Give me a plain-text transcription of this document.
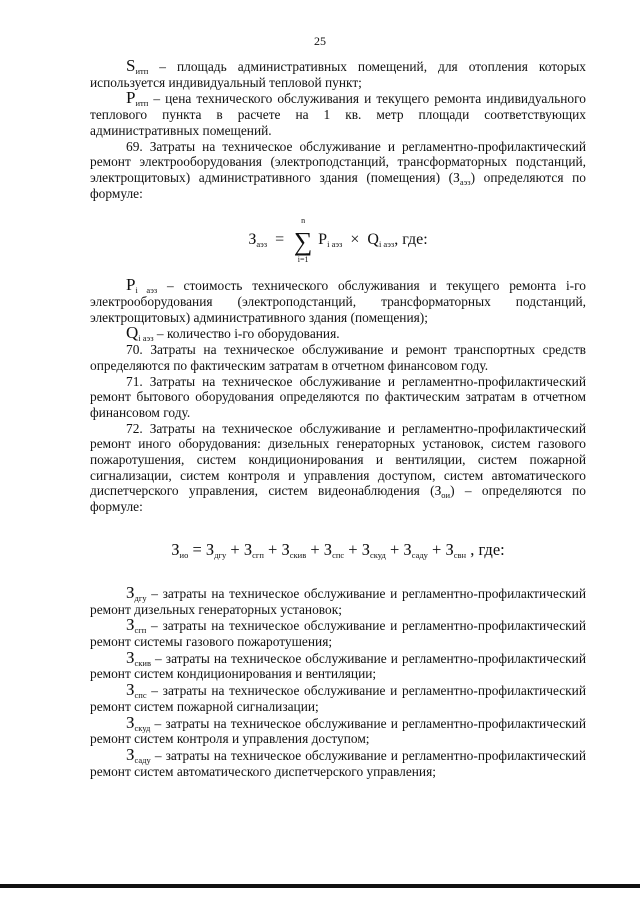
25

$S_{итп}$ – площадь административных помещений, для отопления которых используется индивидуальный тепловой пункт;

$P_{итп}$ – цена технического обслуживания и текущего ремонта индивидуального теплового пункта в расчете на 1 кв. метр площади соответствующих административных помещений.

69. Затраты на техническое обслуживание и регламентно-профилактический ремонт электрооборудования (электроподстанций, трансформаторных подстанций, электрощитовых) административного здания (помещения) $(З_{аэз})$ определяются по формуле:

$З_{аэз}$ =
n
∑
i=1
$P_{i аэз} \times Q_{i аэз}$, где:

$P_{i аэз}$ – стоимость технического обслуживания и текущего ремонта i-го электрооборудования (электроподстанций, трансформаторных подстанций, электрощитовых) административного здания (помещения);

$Q_{i аэз}$ – количество i-го оборудования.

70. Затраты на техническое обслуживание и ремонт транспортных средств определяются по фактическим затратам в отчетном финансовом году.

71. Затраты на техническое обслуживание и регламентно-профилактический ремонт бытового оборудования определяются по фактическим затратам в отчетном финансовом году.

72. Затраты на техническое обслуживание и регламентно-профилактический ремонт иного оборудования: дизельных генераторных установок, систем газового пожаротушения, систем кондиционирования и вентиляции, систем пожарной сигнализации, систем контроля и управления доступом, систем автоматического диспетчерского управления, систем видеонаблюдения $(З_{ои})$ – определяются по формуле:

$З_{ио} = З_{дгу} + З_{сгп} + З_{скив} + З_{спс} + З_{скуд} + З_{саду} + З_{свн}$ , где:

$З_{дгу}$ – затраты на техническое обслуживание и регламентно-профилактический ремонт дизельных генераторных установок;

$З_{сгп}$ – затраты на техническое обслуживание и регламентно-профилактический ремонт системы газового пожаротушения;

$З_{скив}$ – затраты на техническое обслуживание и регламентно-профилактический ремонт систем кондиционирования и вентиляции;

$З_{спс}$ – затраты на техническое обслуживание и регламентно-профилактический ремонт систем пожарной сигнализации;

$З_{скуд}$ – затраты на техническое обслуживание и регламентно-профилактический ремонт систем контроля и управления доступом;

$З_{саду}$ – затраты на техническое обслуживание и регламентно-профилактический ремонт систем автоматического диспетчерского управления;
